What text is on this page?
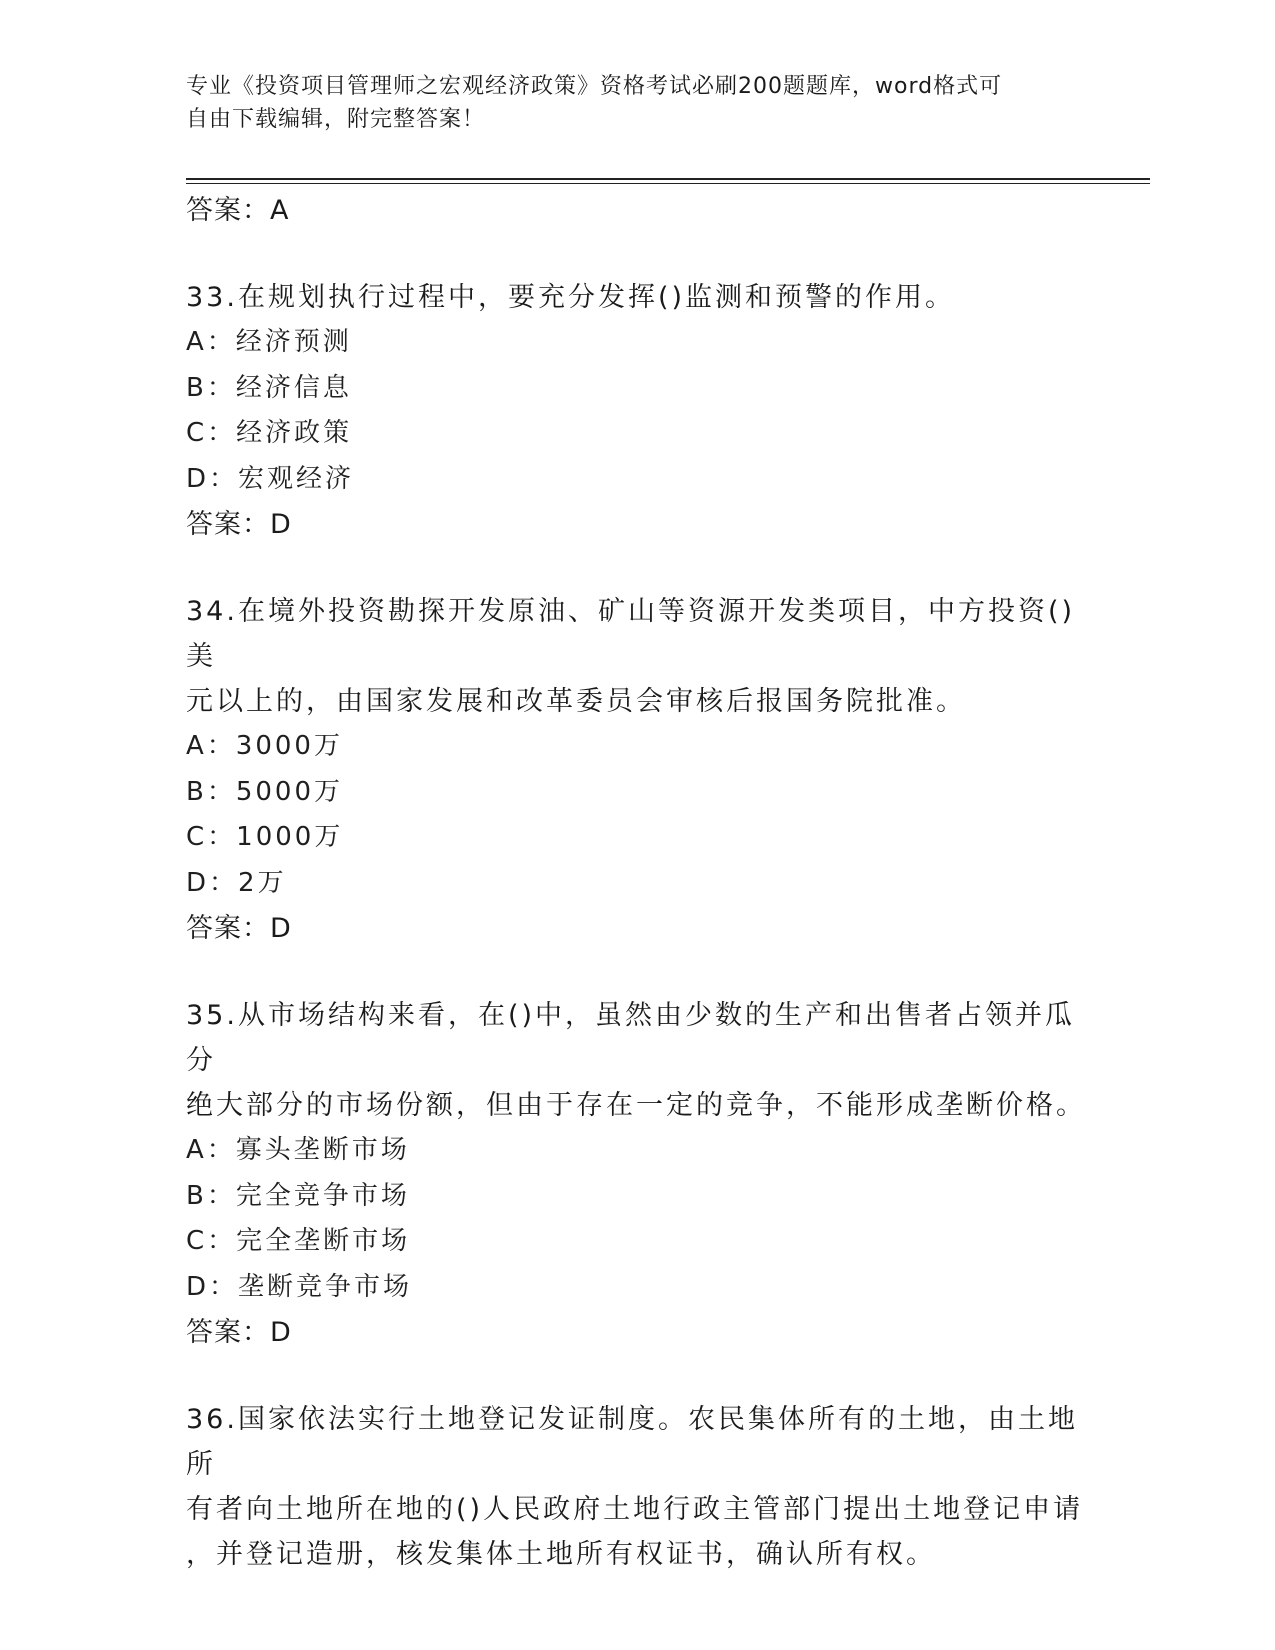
专业《投资项目管理师之宏观经济政策》资格考试必刷200题题库，word格式可
自由下载编辑，附完整答案！

答案：A

33.在规划执行过程中，要充分发挥()监测和预警的作用。

A：经济预测

B：经济信息

C：经济政策

D：宏观经济

答案：D

34.在境外投资勘探开发原油、矿山等资源开发类项目，中方投资()美

元以上的，由国家发展和改革委员会审核后报国务院批准。

A：3000万

B：5000万

C：1000万

D：2万

答案：D

35.从市场结构来看，在()中，虽然由少数的生产和出售者占领并瓜分

绝大部分的市场份额，但由于存在一定的竞争，不能形成垄断价格。

A：寡头垄断市场

B：完全竞争市场

C：完全垄断市场

D：垄断竞争市场

答案：D

36.国家依法实行土地登记发证制度。农民集体所有的土地，由土地所

有者向土地所在地的()人民政府土地行政主管部门提出土地登记申请

，并登记造册，核发集体土地所有权证书，确认所有权。
